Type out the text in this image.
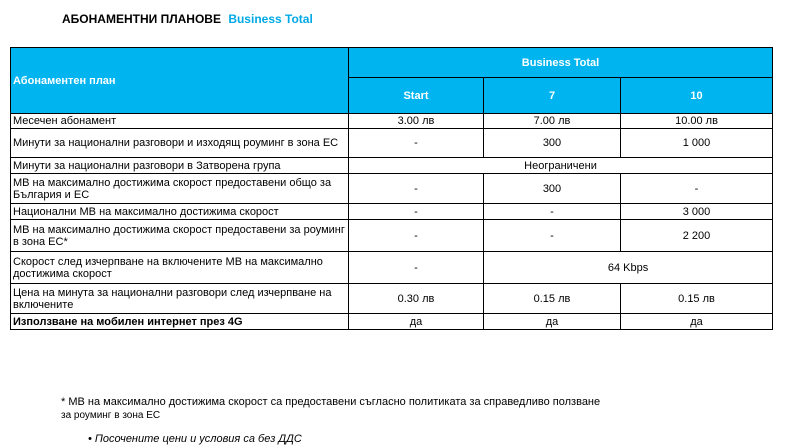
АБОНАМЕНТНИ ПЛАНОВЕ Business Total
Абонаментен план	Business Total		
	Start	7	10
Месечен абонамент	3.00 лв	7.00 лв	10.00 лв
Минути за национални разговори и изходящ роуминг в зона ЕС	-	300	1 000
Минути за национални разговори в Затворена група	Неограничени		
МВ на максимално достижима скорост предоставени общо за България и ЕС	-	300	-
Национални МВ на максимално достижима скорост	-	-	3 000
МВ на максимално достижима скорост предоставени за роуминг в зона ЕС*	-	-	2 200
Скорост след изчерпване на включените МВ на максимално достижима скорост	-	64 Kbps	
Цена на минута за национални разговори след изчерпване на включените	0.30 лв	0.15 лв	0.15 лв
Използване на мобилен интернет през 4G	да	да	да
* МВ на максимално достижима скорост са предоставени съгласно политиката за справедливо ползване
за роуминг в зона ЕС
• Посочените цени и условия са без ДДС
